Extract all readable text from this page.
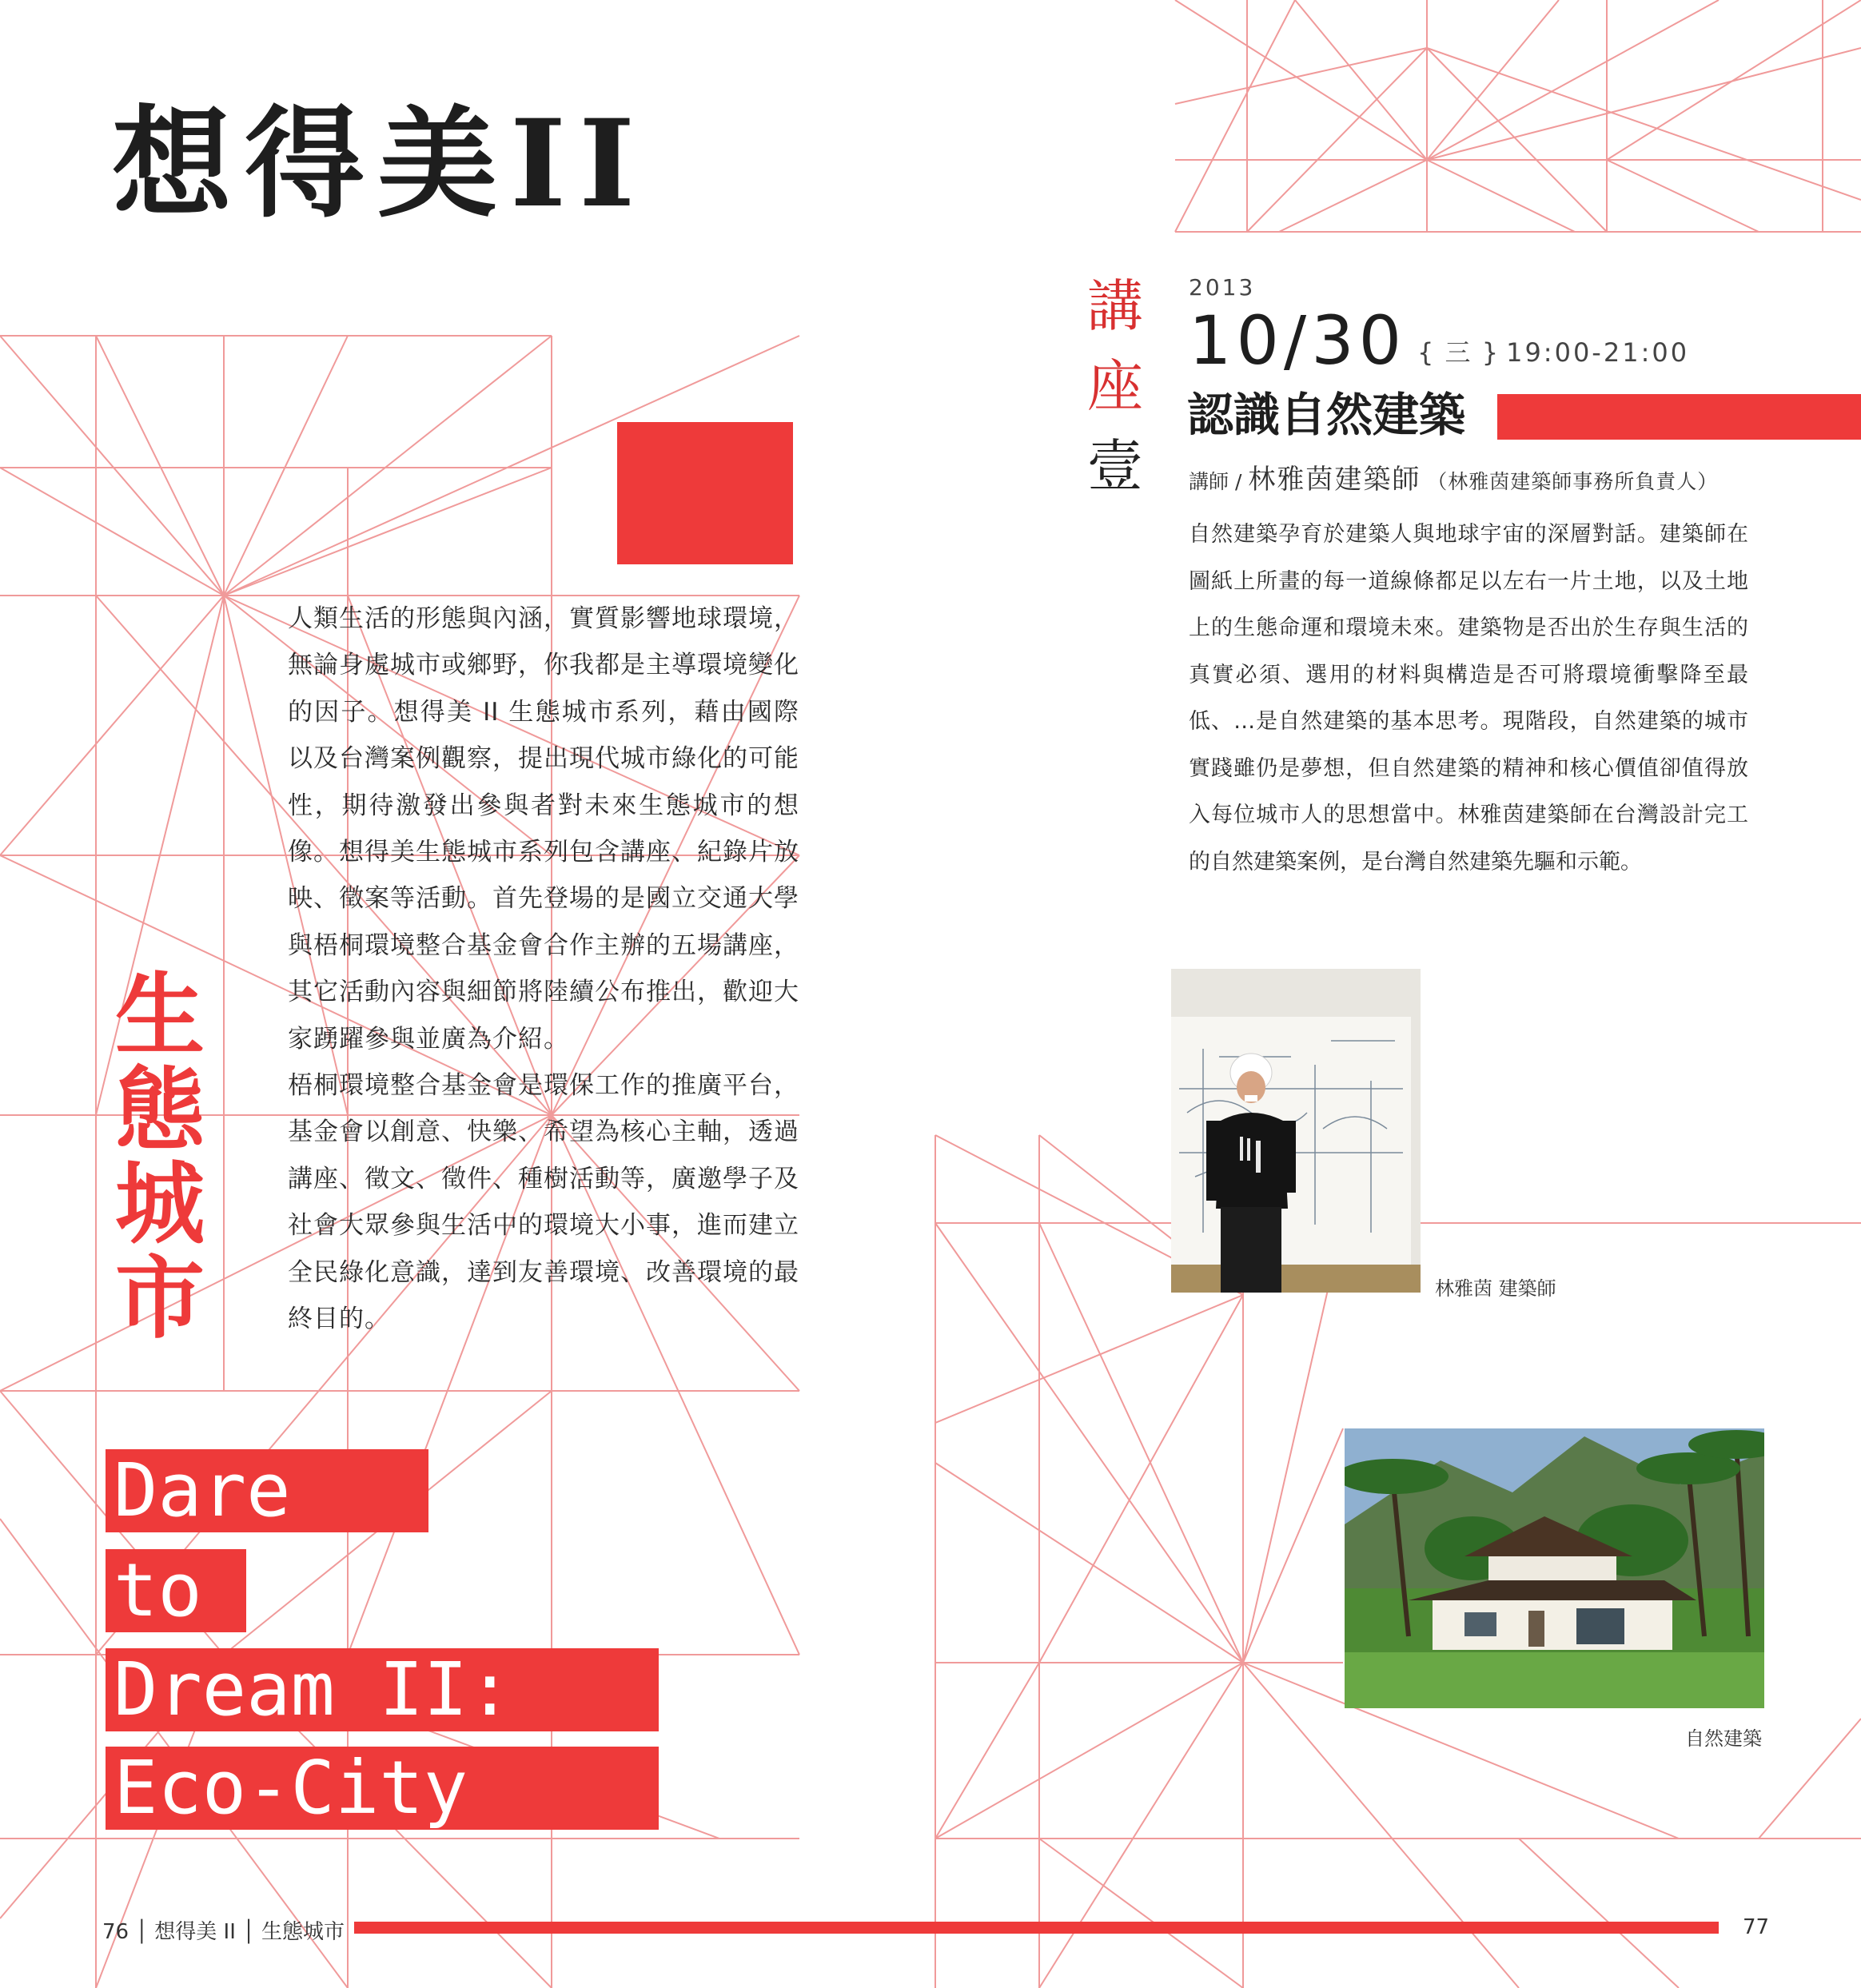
想得美II

人類生活的形態與內涵，實質影響地球環境，無論身處城市或鄉野，你我都是主導環境變化的因子。想得美 II 生態城市系列，藉由國際以及台灣案例觀察，提出現代城市綠化的可能性，期待激發出參與者對未來生態城市的想像。想得美生態城市系列包含講座、紀錄片放映、徵案等活動。首先登場的是國立交通大學與梧桐環境整合基金會合作主辦的五場講座，其它活動內容與細節將陸續公布推出，歡迎大家踴躍參與並廣為介紹。

梧桐環境整合基金會是環保工作的推廣平台，基金會以創意、快樂、希望為核心主軸，透過講座、徵文、徵件、種樹活動等，廣邀學子及社會大眾參與生活中的環境大小事，進而建立全民綠化意識，達到友善環境、改善環境的最終目的。

生
態
城
市
Dare
to
Dream II:
Eco-City
講
座
壹
2013
10/30 { 三 } 19:00-21:00
認識自然建築
講師 / 林雅茵建築師 （林雅茵建築師事務所負責人）
自然建築孕育於建築人與地球宇宙的深層對話。建築師在圖紙上所畫的每一道線條都足以左右一片土地，以及土地上的生態命運和環境未來。建築物是否出於生存與生活的真實必須、選用的材料與構造是否可將環境衝擊降至最低、…是自然建築的基本思考。現階段，自然建築的城市實踐雖仍是夢想，但自然建築的精神和核心價值卻值得放入每位城市人的思想當中。林雅茵建築師在台灣設計完工的自然建築案例，是台灣自然建築先驅和示範。
林雅茵 建築師
自然建築
76 │ 想得美 II │ 生態城市	77
